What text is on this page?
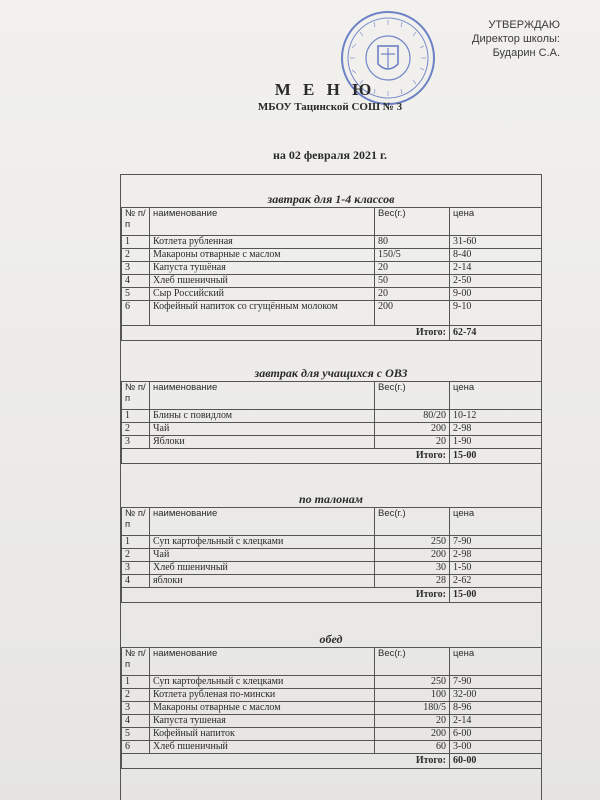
УТВЕРЖДАЮ
Директор школы:
Бударин С.А.
М Е Н Ю
МБОУ Тацинской СОШ № 3
на 02 февраля 2021 г.
завтрак для 1-4 классов
№ п/п	наименование	Вес(г.)	цена
1	Котлета рубленная	80	31-60
2	Макароны отварные с маслом	150/5	8-40
3	Капуста тушёная	20	2-14
4	Хлеб пшеничный	50	2-50
5	Сыр Российский	20	9-00
6	Кофейный напиток со сгущённым молоком	200	9-10
Итого:			62-74
завтрак для учащихся с ОВЗ
№ п/п	наименование	Вес(г.)	цена
1	Блины с повидлом	80/20	10-12
2	Чай	200	2-98
3	Яблоки	20	1-90
Итого:			15-00
по талонам
№ п/п	наименование	Вес(г.)	цена
1	Суп картофельный с клецками	250	7-90
2	Чай	200	2-98
3	Хлеб пшеничный	30	1-50
4	яблоки	28	2-62
Итого:			15-00
обед
№ п/п	наименование	Вес(г.)	цена
1	Суп картофельный с клецками	250	7-90
2	Котлета рубленая по-мински	100	32-00
3	Макароны отварные с маслом	180/5	8-96
4	Капуста тушеная	20	2-14
5	Кофейный напиток	200	6-00
6	Хлеб пшеничный	60	3-00
Итого:			60-00
